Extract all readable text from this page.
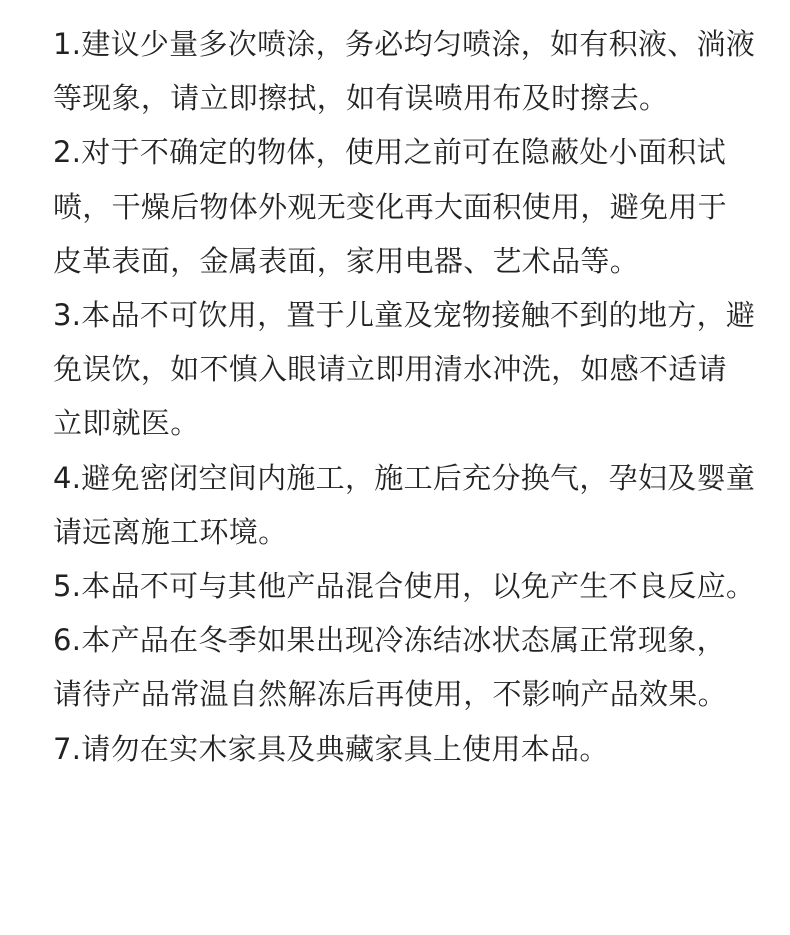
1.建议少量多次喷涂，务必均匀喷涂，如有积液、淌液
等现象，请立即擦拭，如有误喷用布及时擦去。

2.对于不确定的物体，使用之前可在隐蔽处小面积试
喷，干燥后物体外观无变化再大面积使用，避免用于
皮革表面，金属表面，家用电器、艺术品等。

3.本品不可饮用，置于儿童及宠物接触不到的地方，避
免误饮，如不慎入眼请立即用清水冲洗，如感不适请
立即就医。

4.避免密闭空间内施工，施工后充分换气，孕妇及婴童
请远离施工环境。

5.本品不可与其他产品混合使用，以免产生不良反应。

6.本产品在冬季如果出现冷冻结冰状态属正常现象，
请待产品常温自然解冻后再使用，不影响产品效果。

7.请勿在实木家具及典藏家具上使用本品。
